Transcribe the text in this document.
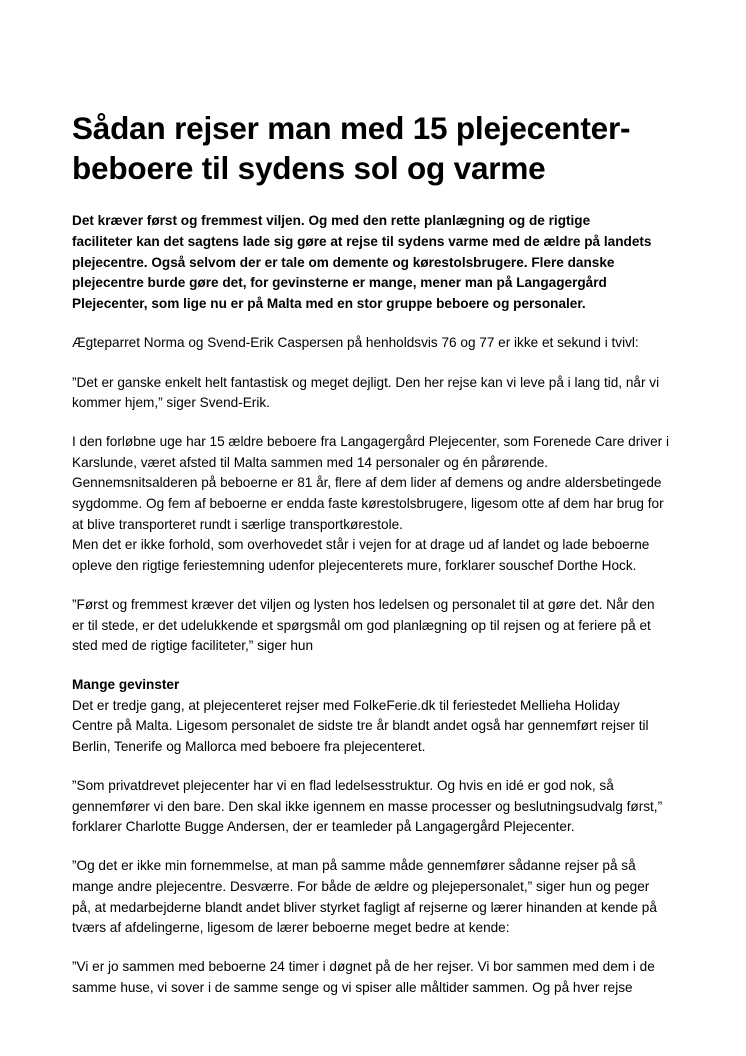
Sådan rejser man med 15 plejecenter-
beboere til sydens sol og varme
Det kræver først og fremmest viljen. Og med den rette planlægning og de rigtige
faciliteter kan det sagtens lade sig gøre at rejse til sydens varme med de ældre på landets
plejecentre. Også selvom der er tale om demente og kørestolsbrugere. Flere danske
plejecentre burde gøre det, for gevinsterne er mange, mener man på Langagergård
Plejecenter, som lige nu er på Malta med en stor gruppe beboere og personaler.
Ægteparret Norma og Svend-Erik Caspersen på henholdsvis 76 og 77 er ikke et sekund i tvivl:
”Det er ganske enkelt helt fantastisk og meget dejligt. Den her rejse kan vi leve på i lang tid, når vi
kommer hjem,” siger Svend-Erik.
I den forløbne uge har 15 ældre beboere fra Langagergård Plejecenter, som Forenede Care driver i
Karslunde, været afsted til Malta sammen med 14 personaler og én pårørende.
Gennemsnitsalderen på beboerne er 81 år, flere af dem lider af demens og andre aldersbetingede
sygdomme. Og fem af beboerne er endda faste kørestolsbrugere, ligesom otte af dem har brug for
at blive transporteret rundt i særlige transportkørestole.
Men det er ikke forhold, som overhovedet står i vejen for at drage ud af landet og lade beboerne
opleve den rigtige feriestemning udenfor plejecenterets mure, forklarer souschef Dorthe Hock.
”Først og fremmest kræver det viljen og lysten hos ledelsen og personalet til at gøre det. Når den
er til stede, er det udelukkende et spørgsmål om god planlægning op til rejsen og at feriere på et
sted med de rigtige faciliteter,” siger hun
Mange gevinster
Det er tredje gang, at plejecenteret rejser med FolkeFerie.dk til feriestedet Mellieha Holiday
Centre på Malta. Ligesom personalet de sidste tre år blandt andet også har gennemført rejser til
Berlin, Tenerife og Mallorca med beboere fra plejecenteret.
”Som privatdrevet plejecenter har vi en flad ledelsesstruktur. Og hvis en idé er god nok, så
gennemfører vi den bare. Den skal ikke igennem en masse processer og beslutningsudvalg først,”
forklarer Charlotte Bugge Andersen, der er teamleder på Langagergård Plejecenter.
”Og det er ikke min fornemmelse, at man på samme måde gennemfører sådanne rejser på så
mange andre plejecentre. Desværre. For både de ældre og plejepersonalet,” siger hun og peger
på, at medarbejderne blandt andet bliver styrket fagligt af rejserne og lærer hinanden at kende på
tværs af afdelingerne, ligesom de lærer beboerne meget bedre at kende:
”Vi er jo sammen med beboerne 24 timer i døgnet på de her rejser. Vi bor sammen med dem i de
samme huse, vi sover i de samme senge og vi spiser alle måltider sammen. Og på hver rejse
